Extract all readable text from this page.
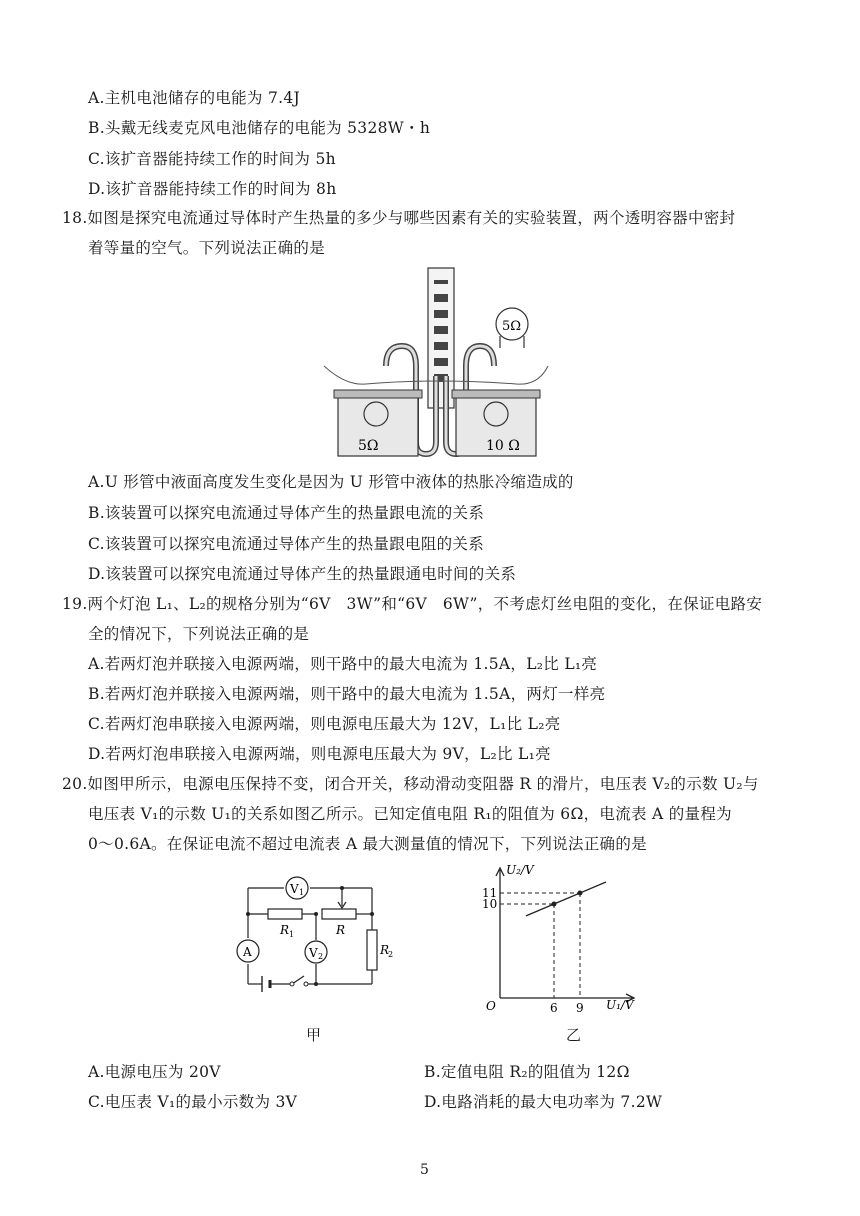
A.主机电池储存的电能为 7.4J
B.头戴无线麦克风电池储存的电能为 5328W・h
C.该扩音器能持续工作的时间为 5h
D.该扩音器能持续工作的时间为 8h
18.如图是探究电流通过导体时产生热量的多少与哪些因素有关的实验装置，两个透明容器中密封
着等量的空气。下列说法正确的是
5Ω	10 Ω
5Ω
A.U 形管中液面高度发生变化是因为 U 形管中液体的热胀冷缩造成的
B.该装置可以探究电流通过导体产生的热量跟电流的关系
C.该装置可以探究电流通过导体产生的热量跟电阻的关系
D.该装置可以探究电流通过导体产生的热量跟通电时间的关系
19.两个灯泡 L₁、L₂的规格分别为“6V　3W”和“6V　6W”，不考虑灯丝电阻的变化，在保证电路安
全的情况下，下列说法正确的是
A.若两灯泡并联接入电源两端，则干路中的最大电流为 1.5A，L₂比 L₁亮
B.若两灯泡并联接入电源两端，则干路中的最大电流为 1.5A，两灯一样亮
C.若两灯泡串联接入电源两端，则电源电压最大为 12V，L₁比 L₂亮
D.若两灯泡串联接入电源两端，则电源电压最大为 9V，L₂比 L₁亮
20.如图甲所示，电源电压保持不变，闭合开关，移动滑动变阻器 R 的滑片，电压表 V₂的示数 U₂与
电压表 V₁的示数 U₁的关系如图乙所示。已知定值电阻 R₁的阻值为 6Ω，电流表 A 的量程为
0～0.6A。在保证电流不超过电流表 A 最大测量值的情况下，下列说法正确的是
V 1
R 1	R
R
2
A	V 2
甲
6 9
11
10
U₂/V
U₁/V
O
乙
A.电源电压为 20V	B.定值电阻 R₂的阻值为 12Ω
C.电压表 V₁的最小示数为 3V	D.电路消耗的最大电功率为 7.2W
5
